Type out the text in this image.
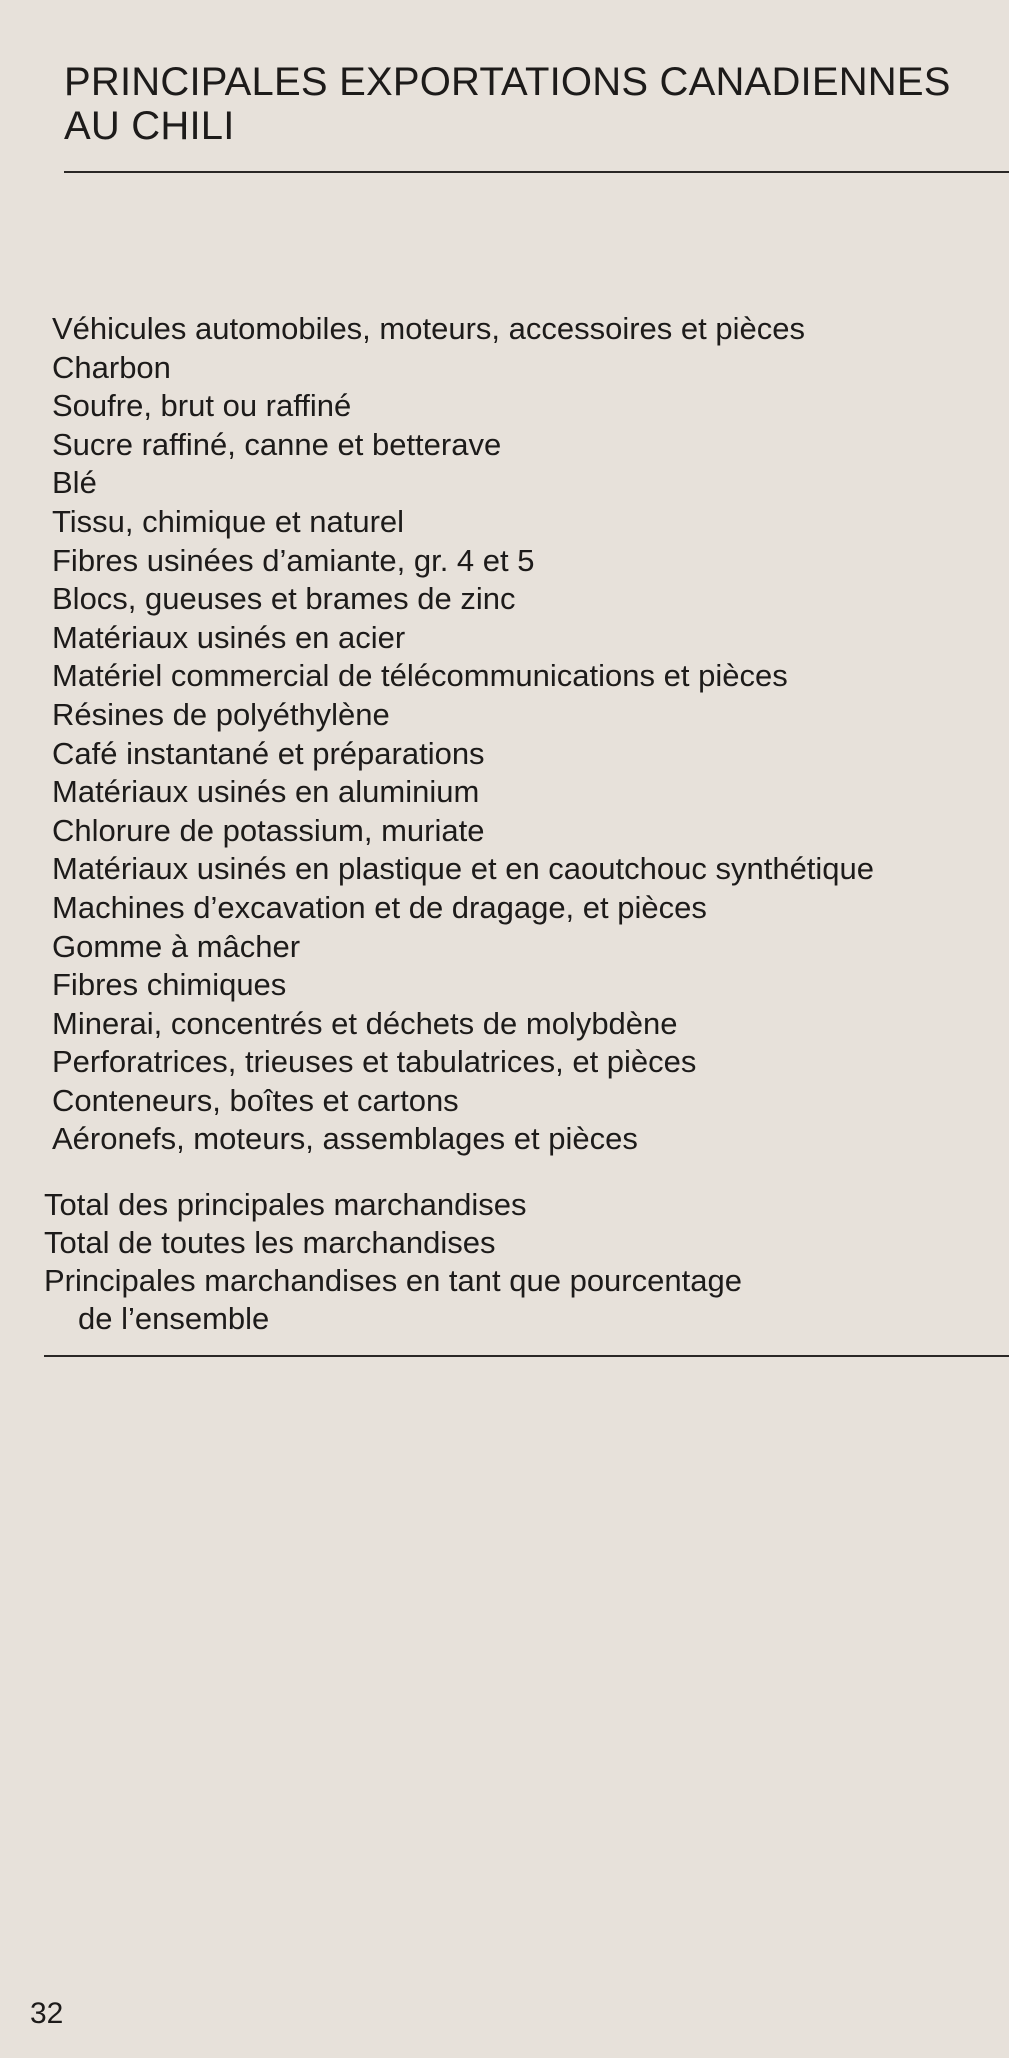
PRINCIPALES EXPORTATIONS CANADIENNES
AU CHILI
Véhicules automobiles, moteurs, accessoires et pièces
Charbon
Soufre, brut ou raffiné
Sucre raffiné, canne et betterave
Blé
Tissu, chimique et naturel
Fibres usinées d’amiante, gr. 4 et 5
Blocs, gueuses et brames de zinc
Matériaux usinés en acier
Matériel commercial de télécommunications et pièces
Résines de polyéthylène
Café instantané et préparations
Matériaux usinés en aluminium
Chlorure de potassium, muriate
Matériaux usinés en plastique et en caoutchouc synthétique
Machines d’excavation et de dragage, et pièces
Gomme à mâcher
Fibres chimiques
Minerai, concentrés et déchets de molybdène
Perforatrices, trieuses et tabulatrices, et pièces
Conteneurs, boîtes et cartons
Aéronefs, moteurs, assemblages et pièces
Total des principales marchandises
Total de toutes les marchandises
Principales marchandises en tant que pourcentage
de l’ensemble
32
